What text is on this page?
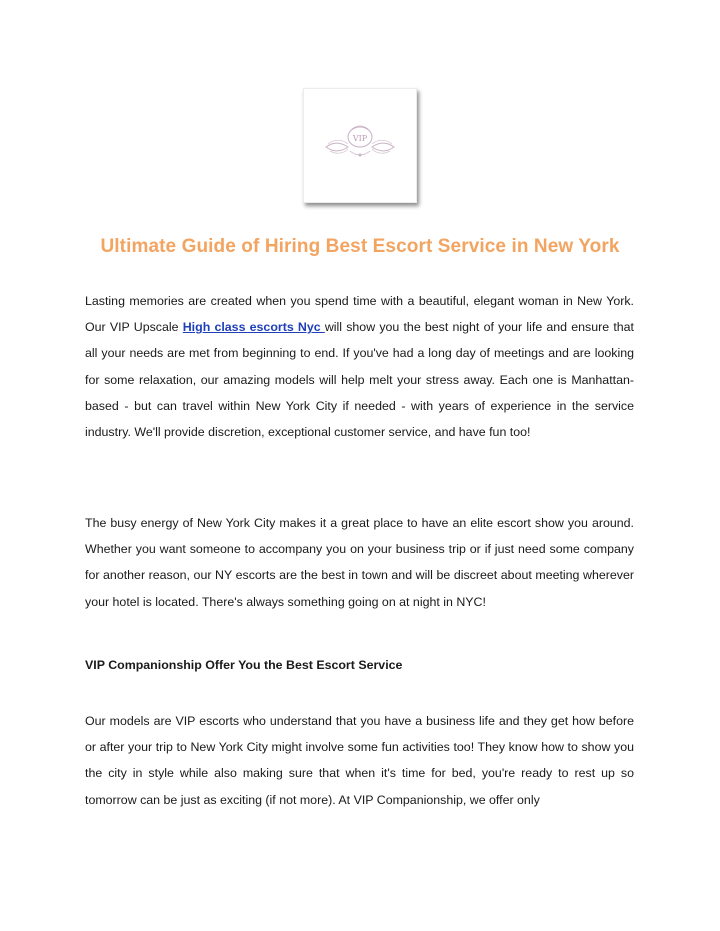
VIP
Ultimate Guide of Hiring Best Escort Service in New York

Lasting memories are created when you spend time with a beautiful, elegant woman in New York. Our VIP Upscale High class escorts Nyc will show you the best night of your life and ensure that all your needs are met from beginning to end. If you've had a long day of meetings and are looking for some relaxation, our amazing models will help melt your stress away. Each one is Manhattan-based - but can travel within New York City if needed - with years of experience in the service industry. We'll provide discretion, exceptional customer service, and have fun too!

The busy energy of New York City makes it a great place to have an elite escort show you around. Whether you want someone to accompany you on your business trip or if just need some company for another reason, our NY escorts are the best in town and will be discreet about meeting wherever your hotel is located. There's always something going on at night in NYC!

VIP Companionship Offer You the Best Escort Service

Our models are VIP escorts who understand that you have a business life and they get how before or after your trip to New York City might involve some fun activities too! They know how to show you the city in style while also making sure that when it's time for bed, you're ready to rest up so tomorrow can be just as exciting (if not more). At VIP Companionship, we offer only
